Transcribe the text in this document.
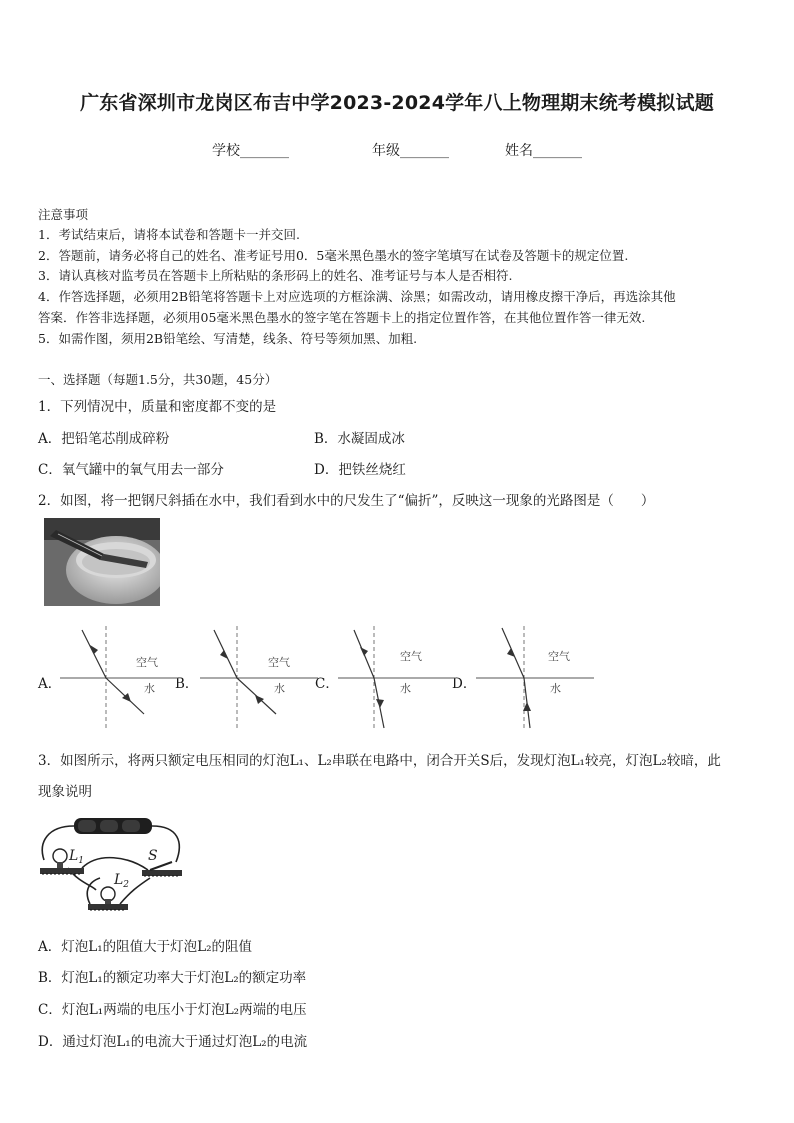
广东省深圳市龙岗区布吉中学2023-2024学年八上物理期末统考模拟试题
学校_______	年级_______	姓名_______
注意事项
1．考试结束后，请将本试卷和答题卡一并交回.
2．答题前，请务必将自己的姓名、准考证号用0．5毫米黑色墨水的签字笔填写在试卷及答题卡的规定位置.
3．请认真核对监考员在答题卡上所粘贴的条形码上的姓名、准考证号与本人是否相符.
4．作答选择题，必须用2B铅笔将答题卡上对应选项的方框涂满、涂黑；如需改动，请用橡皮擦干净后，再选涂其他
答案．作答非选择题，必须用05毫米黑色墨水的签字笔在答题卡上的指定位置作答，在其他位置作答一律无效.
5．如需作图，须用2B铅笔绘、写清楚，线条、符号等须加黑、加粗.
一、选择题（每题1.5分，共30题，45分）
1．下列情况中，质量和密度都不变的是
A．把铅笔芯削成碎粉	B．水凝固成冰
C．氧气罐中的氧气用去一部分	D．把铁丝烧红
2．如图，将一把钢尺斜插在水中，我们看到水中的尺发生了“偏折”，反映这一现象的光路图是（　　）
A．	B．	C．	D．
空气
水
空气
水
空气
水
空气
水
3．如图所示，将两只额定电压相同的灯泡L₁、L₂串联在电路中，闭合开关S后，发现灯泡L₁较亮，灯泡L₂较暗，此
现象说明
$L_1$	S
$L_2$
A．灯泡L₁的阻值大于灯泡L₂的阻值
B．灯泡L₁的额定功率大于灯泡L₂的额定功率
C．灯泡L₁两端的电压小于灯泡L₂两端的电压
D．通过灯泡L₁的电流大于通过灯泡L₂的电流
